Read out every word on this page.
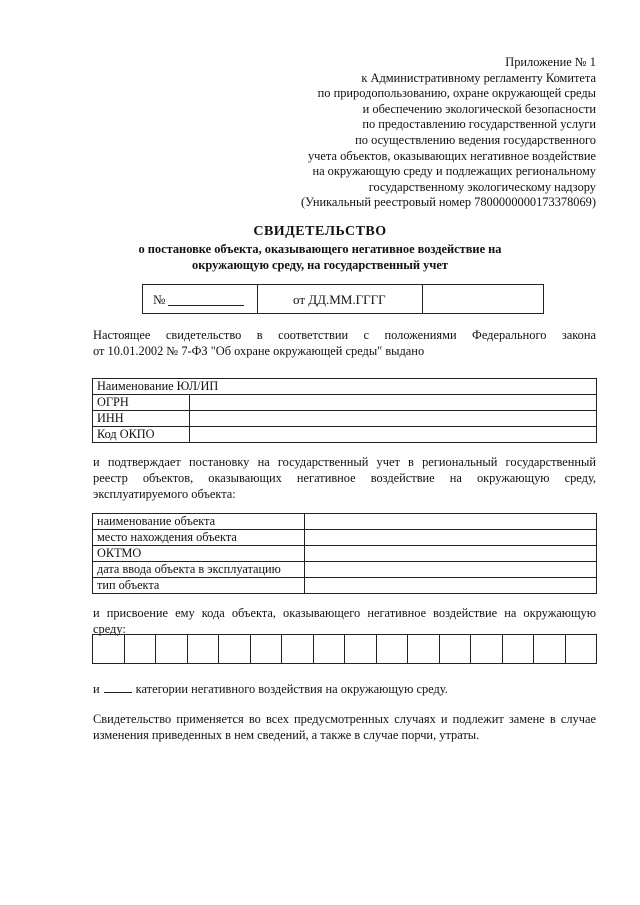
Приложение № 1
к Административному регламенту Комитета
по природопользованию, охране окружающей среды
и обеспечению экологической безопасности
по предоставлению государственной услуги
по осуществлению ведения государственного
учета объектов, оказывающих негативное воздействие
на окружающую среду и подлежащих региональному
государственному экологическому надзору
(Уникальный реестровый номер 7800000000173378069)
СВИДЕТЕЛЬСТВО
о постановке объекта, оказывающего негативное воздействие на
окружающую среду, на государственный учет
№	от ДД.ММ.ГГГГ
Настоящее свидетельство в соответствии с положениями Федерального закона
от 10.01.2002 № 7-ФЗ "Об охране окружающей среды" выдано
Наименование ЮЛ/ИП	
ОГРН	
ИНН	
Код ОКПО	
и подтверждает постановку на государственный учет в региональный государственный
реестр объектов, оказывающих негативное воздействие на окружающую среду,
эксплуатируемого объекта:
наименование объекта	
место нахождения объекта	
ОКТМО	
дата ввода объекта в эксплуатацию	
тип объекта	
и присвоение ему кода объекта, оказывающего негативное воздействие на окружающую
среду:
и	категории негативного воздействия на окружающую среду.
Свидетельство применяется во всех предусмотренных случаях и подлежит замене в случае
изменения приведенных в нем сведений, а также в случае порчи, утраты.
